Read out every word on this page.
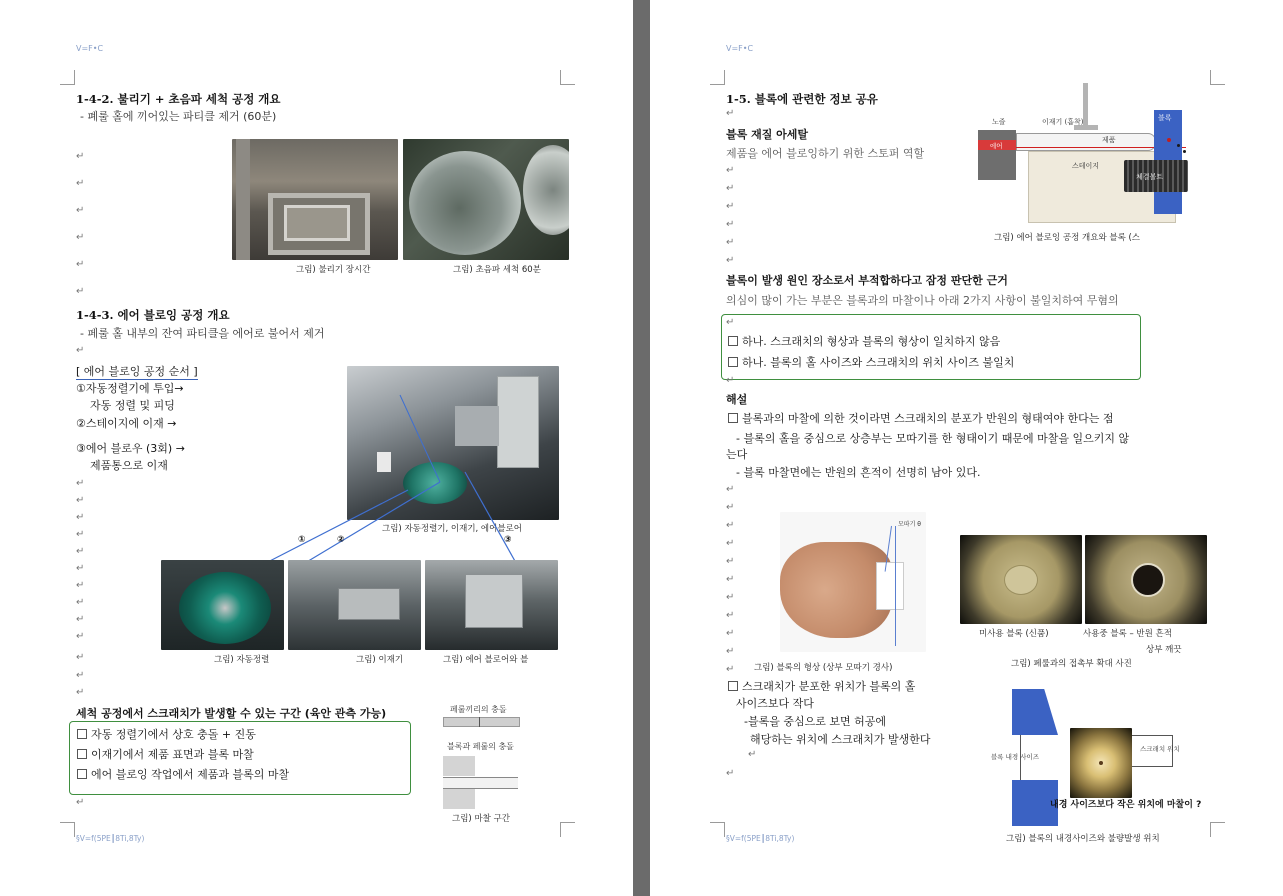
V=F•C
1-4-2. 불리기 + 초음파 세척 공정 개요
- 폐룰 홀에 끼어있는 파티클 제거 (60분)
↵
↵
↵
↵
↵
↵
그림) 불리기 장시간	그림) 초음파 세척 60분
1-4-3. 에어 블로잉 공정 개요
- 페룰 홀 내부의 잔여 파티클을 에어로 불어서 제거
↵
[ 에어 블로잉 공정 순서 ]
①자동정렬기에 투입→
자동 정렬 및 피딩
②스테이지에 이재 →
③에어 블로우 (3회) →
제품통으로 이재
↵
↵
↵
↵
↵
↵
↵
↵
↵
↵
↵
↵
↵
그림) 자동정렬기, 이재기, 에어블로어
①	②	③
그림) 자동정렬	그림) 이재기	그림) 에어 블로어와 블
세척 공정에서 스크래치가 발생할 수 있는 구간 (육안 관측 가능)
자동 정렬기에서 상호 충돌 + 진동
이재기에서 제품 표면과 블록 마찰
에어 블로잉 작업에서 제품과 블록의 마찰
↵
페룰끼리의 충돌
블록과 페룰의 충돌
그림) 마찰 구간
§V=f(5PE┃8Ti,8Ty)
V=F•C
1-5. 블록에 관련한 정보 공유
↵
블록 재질 아세탈
제품을 에어 블로잉하기 위한 스토퍼 역할
↵
↵
↵
↵
↵
↵
노즐	이재기 (흡착)
제품
블록
에어
스테이지
체결볼트
그림) 에어 블로잉 공정 개요와 블록 (스
블록이 발생 원인 장소로서 부적합하다고 잠정 판단한 근거
의심이 많이 가는 부분은 블록과의 마찰이나 아래 2가지 사항이 불일치하여 무혐의
↵
하나. 스크래치의 형상과 블록의 형상이 일치하지 않음
하나. 블록의 홀 사이즈와 스크래치의 위치 사이즈 불일치
↵
해설
블록과의 마찰에 의한 것이라면 스크래치의 분포가 반원의 형태여야 한다는 점
- 블록의 홀을 중심으로 상층부는 모따기를 한 형태이기 때문에 마찰을 일으키지 않
는다
- 블록 마찰면에는 반원의 흔적이 선명히 남아 있다.
↵
↵
↵
↵
↵
↵
↵
↵
↵
↵
↵
모따기 θ
그림) 블록의 형상 (상부 모따기 경사)
미사용 블록 (신품)	사용중 블록 – 반원 흔적
상부 깨끗
그림) 페룰과의 접촉부 확대 사진
스크래치가 분포한 위치가 블록의 홀
사이즈보다 작다
-블록을 중심으로 보면 허공에
해당하는 위치에 스크래치가 발생한다
↵
↵
블록 내경 사이즈
스크래치 위치
내경 사이즈보다 작은 위치에 마찰이 ?
그림) 블록의 내경사이즈와 불량발생 위치
§V=f(5PE┃8Ti,8Ty)
